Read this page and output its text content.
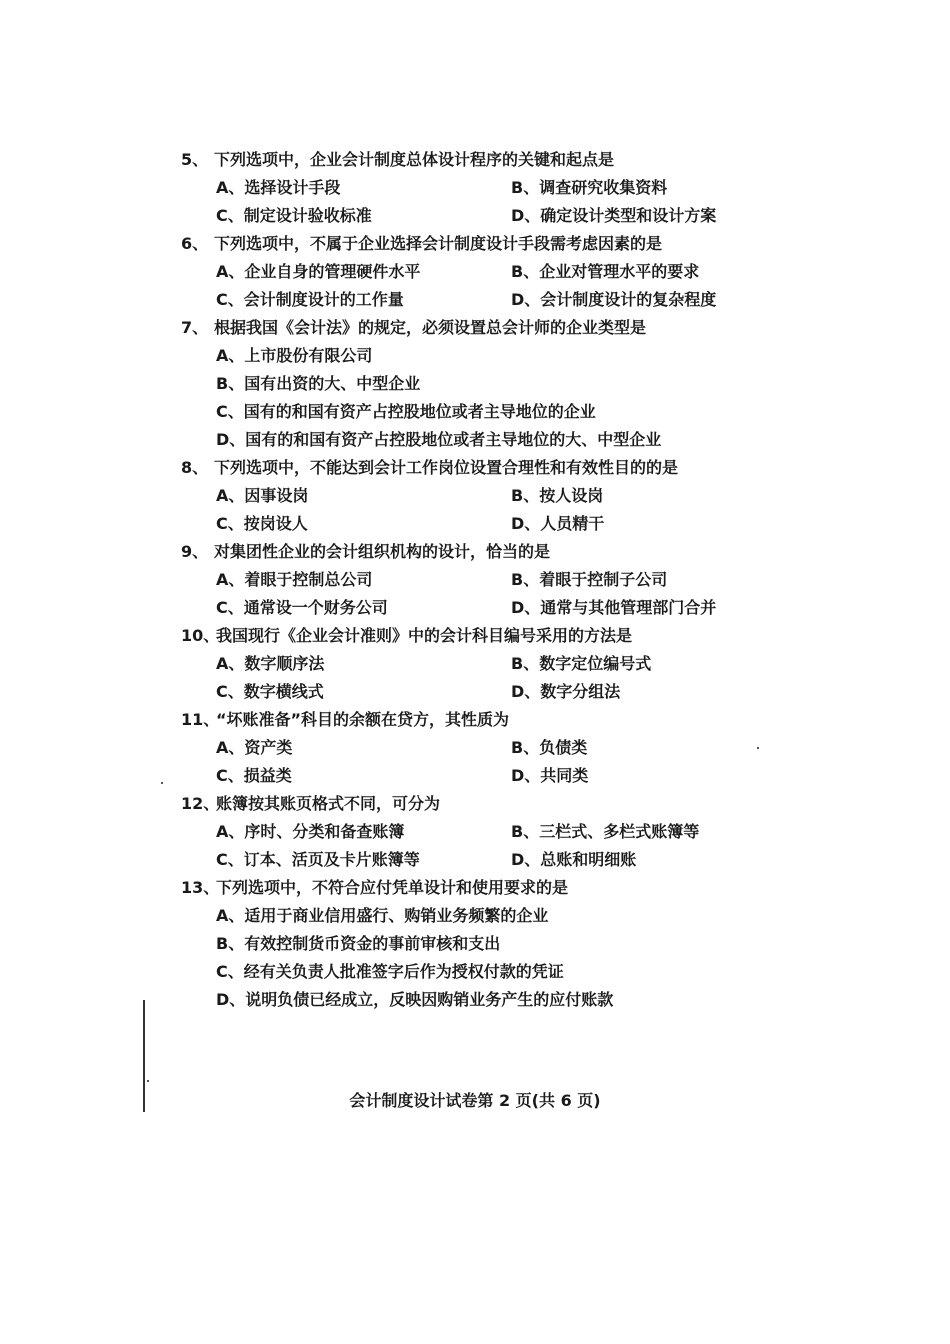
5、 下列选项中，企业会计制度总体设计程序的关键和起点是
A、选择设计手段	B、调查研究收集资料
C、制定设计验收标准	D、确定设计类型和设计方案
6、 下列选项中，不属于企业选择会计制度设计手段需考虑因素的是
A、企业自身的管理硬件水平	B、企业对管理水平的要求
C、会计制度设计的工作量	D、会计制度设计的复杂程度
7、 根据我国《会计法》的规定，必须设置总会计师的企业类型是
A、上市股份有限公司
B、国有出资的大、中型企业
C、国有的和国有资产占控股地位或者主导地位的企业
D、国有的和国有资产占控股地位或者主导地位的大、中型企业
8、 下列选项中，不能达到会计工作岗位设置合理性和有效性目的的是
A、因事设岗	B、按人设岗
C、按岗设人	D、人员精干
9、 对集团性企业的会计组织机构的设计，恰当的是
A、着眼于控制总公司	B、着眼于控制子公司
C、通常设一个财务公司	D、通常与其他管理部门合并
10、
我国现行《企业会计准则》中的会计科目编号采用的方法是
A、数字顺序法	B、数字定位编号式
C、数字横线式	D、数字分组法
11、
“坏账准备”科目的余额在贷方，其性质为
A、资产类	B、负债类
C、损益类	D、共同类
12、
账簿按其账页格式不同，可分为
A、序时、分类和备查账簿	B、三栏式、多栏式账簿等
C、订本、活页及卡片账簿等	D、总账和明细账
13、
下列选项中，不符合应付凭单设计和使用要求的是
A、适用于商业信用盛行、购销业务频繁的企业
B、有效控制货币资金的事前审核和支出
C、经有关负责人批准签字后作为授权付款的凭证
D、说明负债已经成立，反映因购销业务产生的应付账款
会计制度设计试卷第 2 页(共 6 页)
